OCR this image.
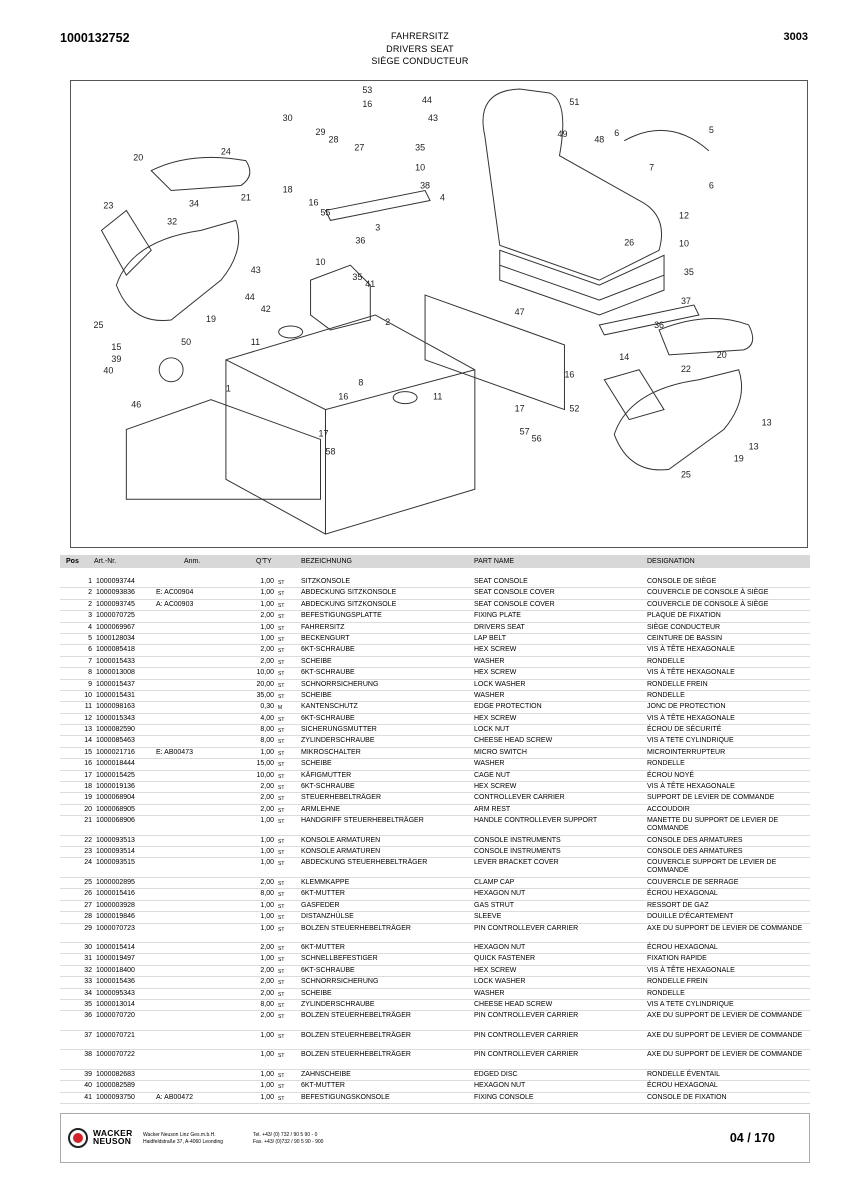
1000132752	FAHRERSITZ
DRIVERS SEAT
SIÈGE CONDUCTEUR
3003
53
16	44
43
51
49
48
5
6
7
6
30
29
28
27	35
10
38
4
24
20
21
23	34
32
18
16
55
3
36
10
35
41
43
44
42	47
2
12
10
26
35
37
25
19
50	11
15
39
40
1
46
8
16	11
17
17	57
56
58
52
16
14
36
20
22
13
13
19
25
Pos Art.-Nr.	Anm.	Q'TY	BEZEICHNUNG	PART NAME	DESIGNATION
1 1000093744	1,00 ST SITZKONSOLE	SEAT CONSOLE	CONSOLE DE SIÈGE
2 1000093836	E: AC00904	1,00 ST ABDECKUNG SITZKONSOLE	SEAT CONSOLE COVER	COUVERCLE DE CONSOLE À SIÈGE
2 1000093745	A: AC00903	1,00 ST ABDECKUNG SITZKONSOLE	SEAT CONSOLE COVER	COUVERCLE DE CONSOLE À SIÈGE
3 1000070725	2,00 ST BEFESTIGUNGSPLATTE	FIXING PLATE	PLAQUE DE FIXATION
4 1000069967	1,00 ST FAHRERSITZ	DRIVERS SEAT	SIÈGE CONDUCTEUR
5 1000128034	1,00 ST BECKENGURT	LAP BELT	CEINTURE DE BASSIN
6 1000085418	2,00 ST 6KT-SCHRAUBE	HEX SCREW	VIS À TÊTE HEXAGONALE
7 1000015433	2,00 ST SCHEIBE	WASHER	RONDELLE
8 1000013008	10,00 ST 6KT-SCHRAUBE	HEX SCREW	VIS À TÊTE HEXAGONALE
9 1000015437	20,00 ST SCHNORRSICHERUNG	LOCK WASHER	RONDELLE FREIN
10 1000015431	35,00 ST SCHEIBE	WASHER	RONDELLE
11 1000098163	0,30 M	KANTENSCHUTZ	EDGE PROTECTION	JONC DE PROTECTION
12 1000015343	4,00 ST 6KT-SCHRAUBE	HEX SCREW	VIS À TÊTE HEXAGONALE
13 1000082590	8,00 ST SICHERUNGSMUTTER	LOCK NUT	ÉCROU DE SÉCURITÉ
14 1000085463	8,00 ST ZYLINDERSCHRAUBE	CHEESE HEAD SCREW	VIS A TETE CYLINDRIQUE
15 1000021716	E: AB00473	1,00 ST MIKROSCHALTER	MICRO SWITCH	MICROINTERRUPTEUR
16 1000018444	15,00 ST SCHEIBE	WASHER	RONDELLE
17 1000015425	10,00 ST KÄFIGMUTTER	CAGE NUT	ÉCROU NOYÉ
18 1000019136	2,00 ST 6KT-SCHRAUBE	HEX SCREW	VIS À TÊTE HEXAGONALE
19 1000068904	2,00 ST STEUERHEBELTRÄGER	CONTROLLEVER CARRIER	SUPPORT DE LEVIER DE COMMANDE
20 1000068905	2,00 ST ARMLEHNE	ARM REST	ACCOUDOIR
21 1000068906	1,00 ST HANDGRIFF STEUERHEBELTRÄGER	HANDLE CONTROLLEVER SUPPORT	MANETTE DU SUPPORT DE LEVIER DE COMMANDE
22 1000093513	1,00 ST KONSOLE ARMATUREN	CONSOLE INSTRUMENTS	CONSOLE DES ARMATURES
23 1000093514	1,00 ST KONSOLE ARMATUREN	CONSOLE INSTRUMENTS	CONSOLE DES ARMATURES
24 1000093515	1,00 ST ABDECKUNG STEUERHEBELTRÄGER	LEVER BRACKET COVER	COUVERCLE SUPPORT DE LEVIER DE COMMANDE
25 1000002895	2,00 ST KLEMMKAPPE	CLAMP CAP	COUVERCLE DE SERRAGE
26 1000015416	8,00 ST 6KT-MUTTER	HEXAGON NUT	ÉCROU HEXAGONAL
27 1000003928	1,00 ST GASFEDER	GAS STRUT	RESSORT DE GAZ
28 1000019846	1,00 ST DISTANZHÜLSE	SLEEVE	DOUILLE D'ÉCARTEMENT
29 1000070723	1,00 ST BOLZEN STEUERHEBELTRÄGER	PIN CONTROLLEVER CARRIER	AXE DU SUPPORT DE LEVIER DE COMMANDE
30 1000015414	2,00 ST 6KT-MUTTER	HEXAGON NUT	ÉCROU HEXAGONAL
31 1000019497	1,00 ST SCHNELLBEFESTIGER	QUICK FASTENER	FIXATION RAPIDE
32 1000018400	2,00 ST 6KT-SCHRAUBE	HEX SCREW	VIS À TÊTE HEXAGONALE
33 1000015436	2,00 ST SCHNORRSICHERUNG	LOCK WASHER	RONDELLE FREIN
34 1000095343	2,00 ST SCHEIBE	WASHER	RONDELLE
35 1000013014	8,00 ST ZYLINDERSCHRAUBE	CHEESE HEAD SCREW	VIS A TETE CYLINDRIQUE
36 1000070720	2,00 ST BOLZEN STEUERHEBELTRÄGER	PIN CONTROLLEVER CARRIER	AXE DU SUPPORT DE LEVIER DE COMMANDE
37 1000070721	1,00 ST BOLZEN STEUERHEBELTRÄGER	PIN CONTROLLEVER CARRIER	AXE DU SUPPORT DE LEVIER DE COMMANDE
38 1000070722	1,00 ST BOLZEN STEUERHEBELTRÄGER	PIN CONTROLLEVER CARRIER	AXE DU SUPPORT DE LEVIER DE COMMANDE
39 1000082683	1,00 ST ZAHNSCHEIBE	EDGED DISC	RONDELLE ÉVENTAIL
40 1000082589	1,00 ST 6KT-MUTTER	HEXAGON NUT	ÉCROU HEXAGONAL
41 1000093750	A: AB00472	1,00 ST BEFESTIGUNGSKONSOLE	FIXING CONSOLE	CONSOLE DE FIXATION
WACKER
NEUSON
Wacker Neuson Linz Ges.m.b.H.
Haidfeldstraße 37, A-4060 Leonding
Tel. +43/ (0) 732 / 90 5 90 - 0
Fax. +43/ (0)732 / 90 5 90 - 900	04 / 170
